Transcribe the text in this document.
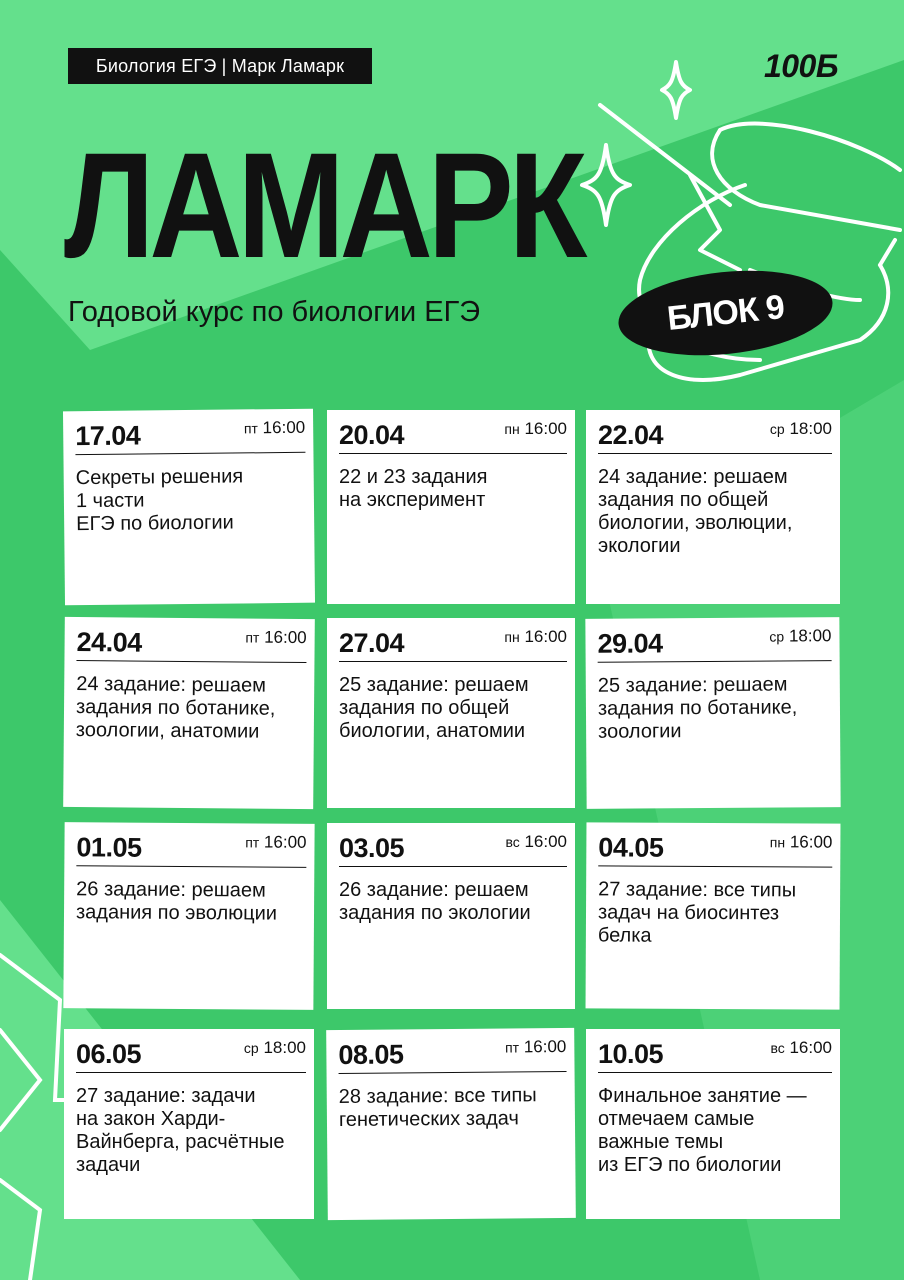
Биология ЕГЭ | Марк Ламарк	100Б
ЛАМАРК
Годовой курс по биологии ЕГЭ	БЛОК 9
17.04	пт 16:00
Секреты решения
1 части
ЕГЭ по биологии
20.04	пн 16:00
22 и 23 задания
на эксперимент
22.04	ср 18:00
24 задание: решаем
задания по общей
биологии, эволюции,
экологии
24.04	пт 16:00
24 задание: решаем
задания по ботанике,
зоологии, анатомии
27.04	пн 16:00
25 задание: решаем
задания по общей
биологии, анатомии
29.04	ср 18:00
25 задание: решаем
задания по ботанике,
зоологии
01.05	пт 16:00
26 задание: решаем
задания по эволюции
03.05	вс 16:00
26 задание: решаем
задания по экологии
04.05	пн 16:00
27 задание: все типы
задач на биосинтез
белка
06.05	ср 18:00
27 задание: задачи
на закон Харди-
Вайнберга, расчётные
задачи
08.05	пт 16:00
28 задание: все типы
генетических задач
10.05	вс 16:00
Финальное занятие —
отмечаем самые
важные темы
из ЕГЭ по биологии
